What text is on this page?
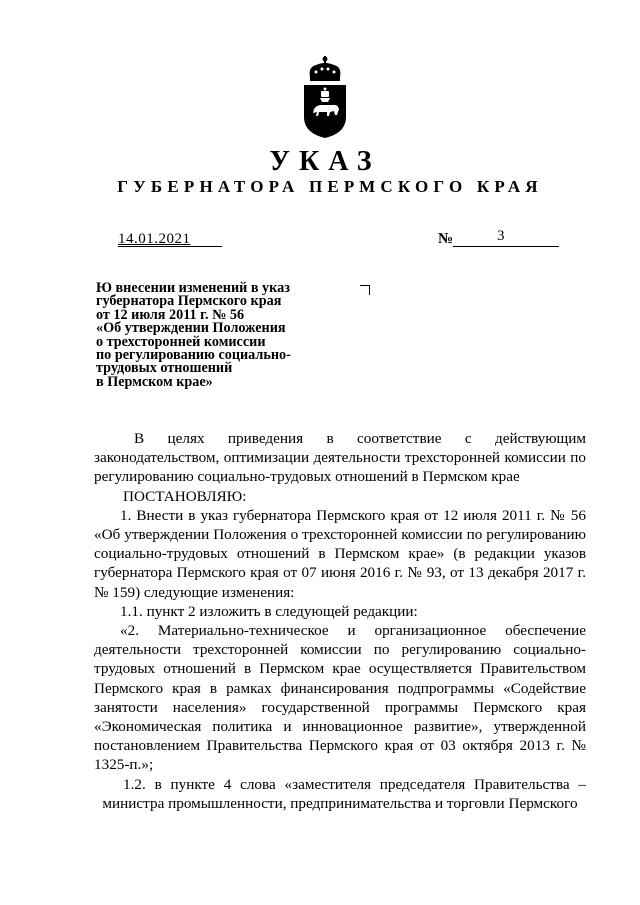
УКАЗ
ГУБЕРНАТОРА ПЕРМСКОГО КРАЯ
14.01.2021	№	3
Ю внесении изменений в указ
губернатора Пермского края
от 12 июля 2011 г. № 56
«Об утверждении Положения
о трехсторонней комиссии
по регулированию социально-
трудовых отношений
в Пермском крае»

В целях приведения в соответствие с действующим законодательством, оптимизации деятельности трехсторонней комиссии по регулированию социально-трудовых отношений в Пермском крае

ПОСТАНОВЛЯЮ:

1. Внести в указ губернатора Пермского края от 12 июля 2011 г. № 56 «Об утверждении Положения о трехсторонней комиссии по регулированию социально-трудовых отношений в Пермском крае» (в редакции указов губернатора Пермского края от 07 июня 2016 г. № 93, от 13 декабря 2017 г. № 159) следующие изменения:

1.1. пункт 2 изложить в следующей редакции:

«2. Материально-техническое и организационное обеспечение деятельности трехсторонней комиссии по регулированию социально-трудовых отношений в Пермском крае осуществляется Правительством Пермского края в рамках финансирования подпрограммы «Содействие занятости населения» государственной программы Пермского края «Экономическая политика и инновационное развитие», утвержденной постановлением Правительства Пермского края от 03 октября 2013 г. № 1325-п.»;

1.2. в пункте 4 слова «заместителя председателя Правительства –

министра промышленности, предпринимательства и торговли Пермского
